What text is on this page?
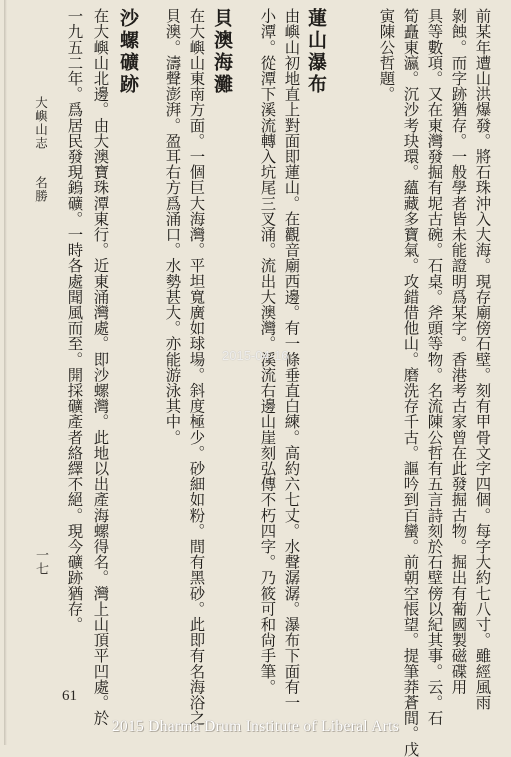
前某年遭山洪爆發。將石珠沖入大海。現存廟傍石壁。刻有甲骨文字四個。每字大約七八寸。雖經風雨
剝蝕。而字跡猶存。一般學者皆未能證明爲某字。香港考古家曾在此發掘古物。掘出有葡國製磁碟用
具等數項。又在東灣發掘有坭古碗。石桌。斧頭等物。名流陳公哲有五言詩刻於石壁傍以紀其事。云。石
筍矗東瀛。沉沙考玦環。蘊藏多寶氣。攻錯借他山。磨洗存千古。謳吟到百蠻。前朝空悵望。提筆莽蒼間。戊
寅陳公哲題。
蓮山瀑布
由嶼山初地直上對面即蓮山。在觀音廟西邊。有一條垂直白練。高約六七丈。水聲潺潺。瀑布下面有一
小潭。從潭下溪流轉入坑尾三叉涌。流出大澳灣。溪流右邊山崖刻弘傳不朽四字。乃筱可和尙手筆。
貝澳海灘
在大嶼山東南方面。一個巨大海灣。平坦寬廣如球場。斜度極少。砂細如粉。間有黑砂。此即有名海浴之
貝澳。濤聲澎湃。盈耳右方爲涌口。水勢甚大。亦能游泳其中。
沙螺礦跡
在大嶼山北邊。由大澳寶珠潭東行。近東涌灣處。即沙螺灣。此地以出產海螺得名。灣上山頂平凹處。於
一九五二年。爲居民發現鎢礦。一時各處聞風而至。開採礦產者絡繹不絕。現今礦跡猶存。
大嶼山志
名勝
一七
2015-04-16
61
2015 Dharma Drum Institute of Liberal Arts
